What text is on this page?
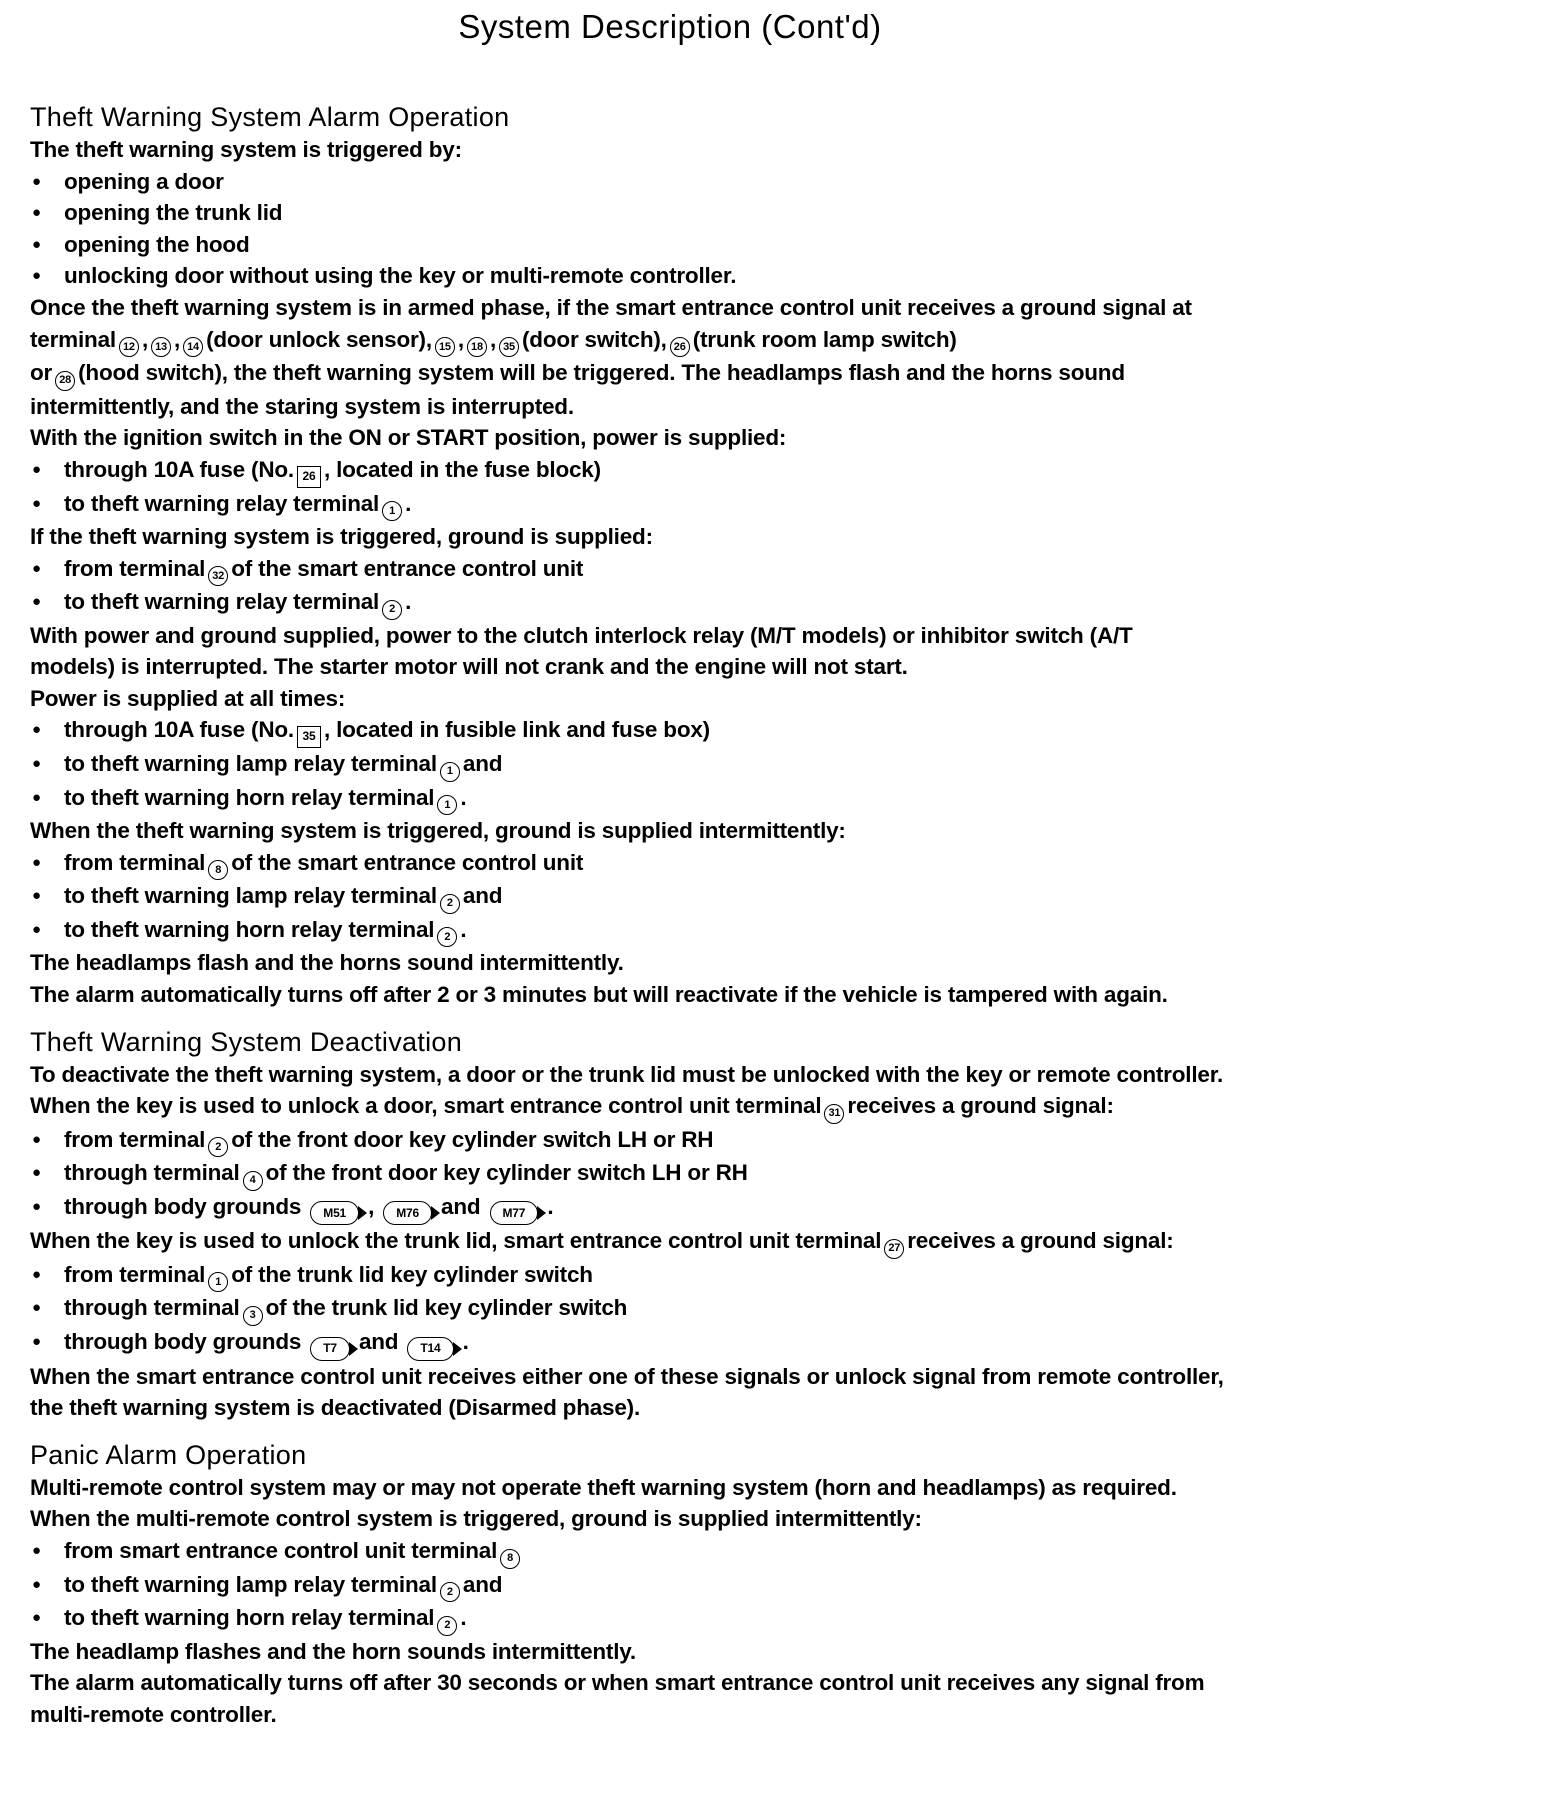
System Description (Cont'd)
Theft Warning System Alarm Operation
The theft warning system is triggered by:
● opening a door
● opening the trunk lid
● opening the hood
● unlocking door without using the key or multi-remote controller.
Once the theft warning system is in armed phase, if the smart entrance control unit receives a ground signal at
terminal 12 , 13 , 14 (door unlock sensor), 15 , 18 , 35 (door switch), 26 (trunk room lamp switch)
or 28 (hood switch), the theft warning system will be triggered. The headlamps flash and the horns sound
intermittently, and the staring system is interrupted.
With the ignition switch in the ON or START position, power is supplied:
● through 10A fuse (No. 26 , located in the fuse block)
● to theft warning relay terminal 1 .
If the theft warning system is triggered, ground is supplied:
● from terminal 32 of the smart entrance control unit
● to theft warning relay terminal 2 .
With power and ground supplied, power to the clutch interlock relay (M/T models) or inhibitor switch (A/T
models) is interrupted. The starter motor will not crank and the engine will not start.
Power is supplied at all times:
● through 10A fuse (No. 35 , located in fusible link and fuse box)
● to theft warning lamp relay terminal 1 and
● to theft warning horn relay terminal 1 .
When the theft warning system is triggered, ground is supplied intermittently:
● from terminal 8 of the smart entrance control unit
● to theft warning lamp relay terminal 2 and
● to theft warning horn relay terminal 2 .
The headlamps flash and the horns sound intermittently.
The alarm automatically turns off after 2 or 3 minutes but will reactivate if the vehicle is tampered with again.
Theft Warning System Deactivation
To deactivate the theft warning system, a door or the trunk lid must be unlocked with the key or remote controller.
When the key is used to unlock a door, smart entrance control unit terminal 31 receives a ground signal:
● from terminal 2 of the front door key cylinder switch LH or RH
● through terminal 4 of the front door key cylinder switch LH or RH
● through body grounds M51 , M76 and M77 .
When the key is used to unlock the trunk lid, smart entrance control unit terminal 27 receives a ground signal:
● from terminal 1 of the trunk lid key cylinder switch
● through terminal 3 of the trunk lid key cylinder switch
● through body grounds T7 and T14 .
When the smart entrance control unit receives either one of these signals or unlock signal from remote controller,
the theft warning system is deactivated (Disarmed phase).
Panic Alarm Operation
Multi-remote control system may or may not operate theft warning system (horn and headlamps) as required.
When the multi-remote control system is triggered, ground is supplied intermittently:
● from smart entrance control unit terminal 8
● to theft warning lamp relay terminal 2 and
● to theft warning horn relay terminal 2 .
The headlamp flashes and the horn sounds intermittently.
The alarm automatically turns off after 30 seconds or when smart entrance control unit receives any signal from
multi-remote controller.
